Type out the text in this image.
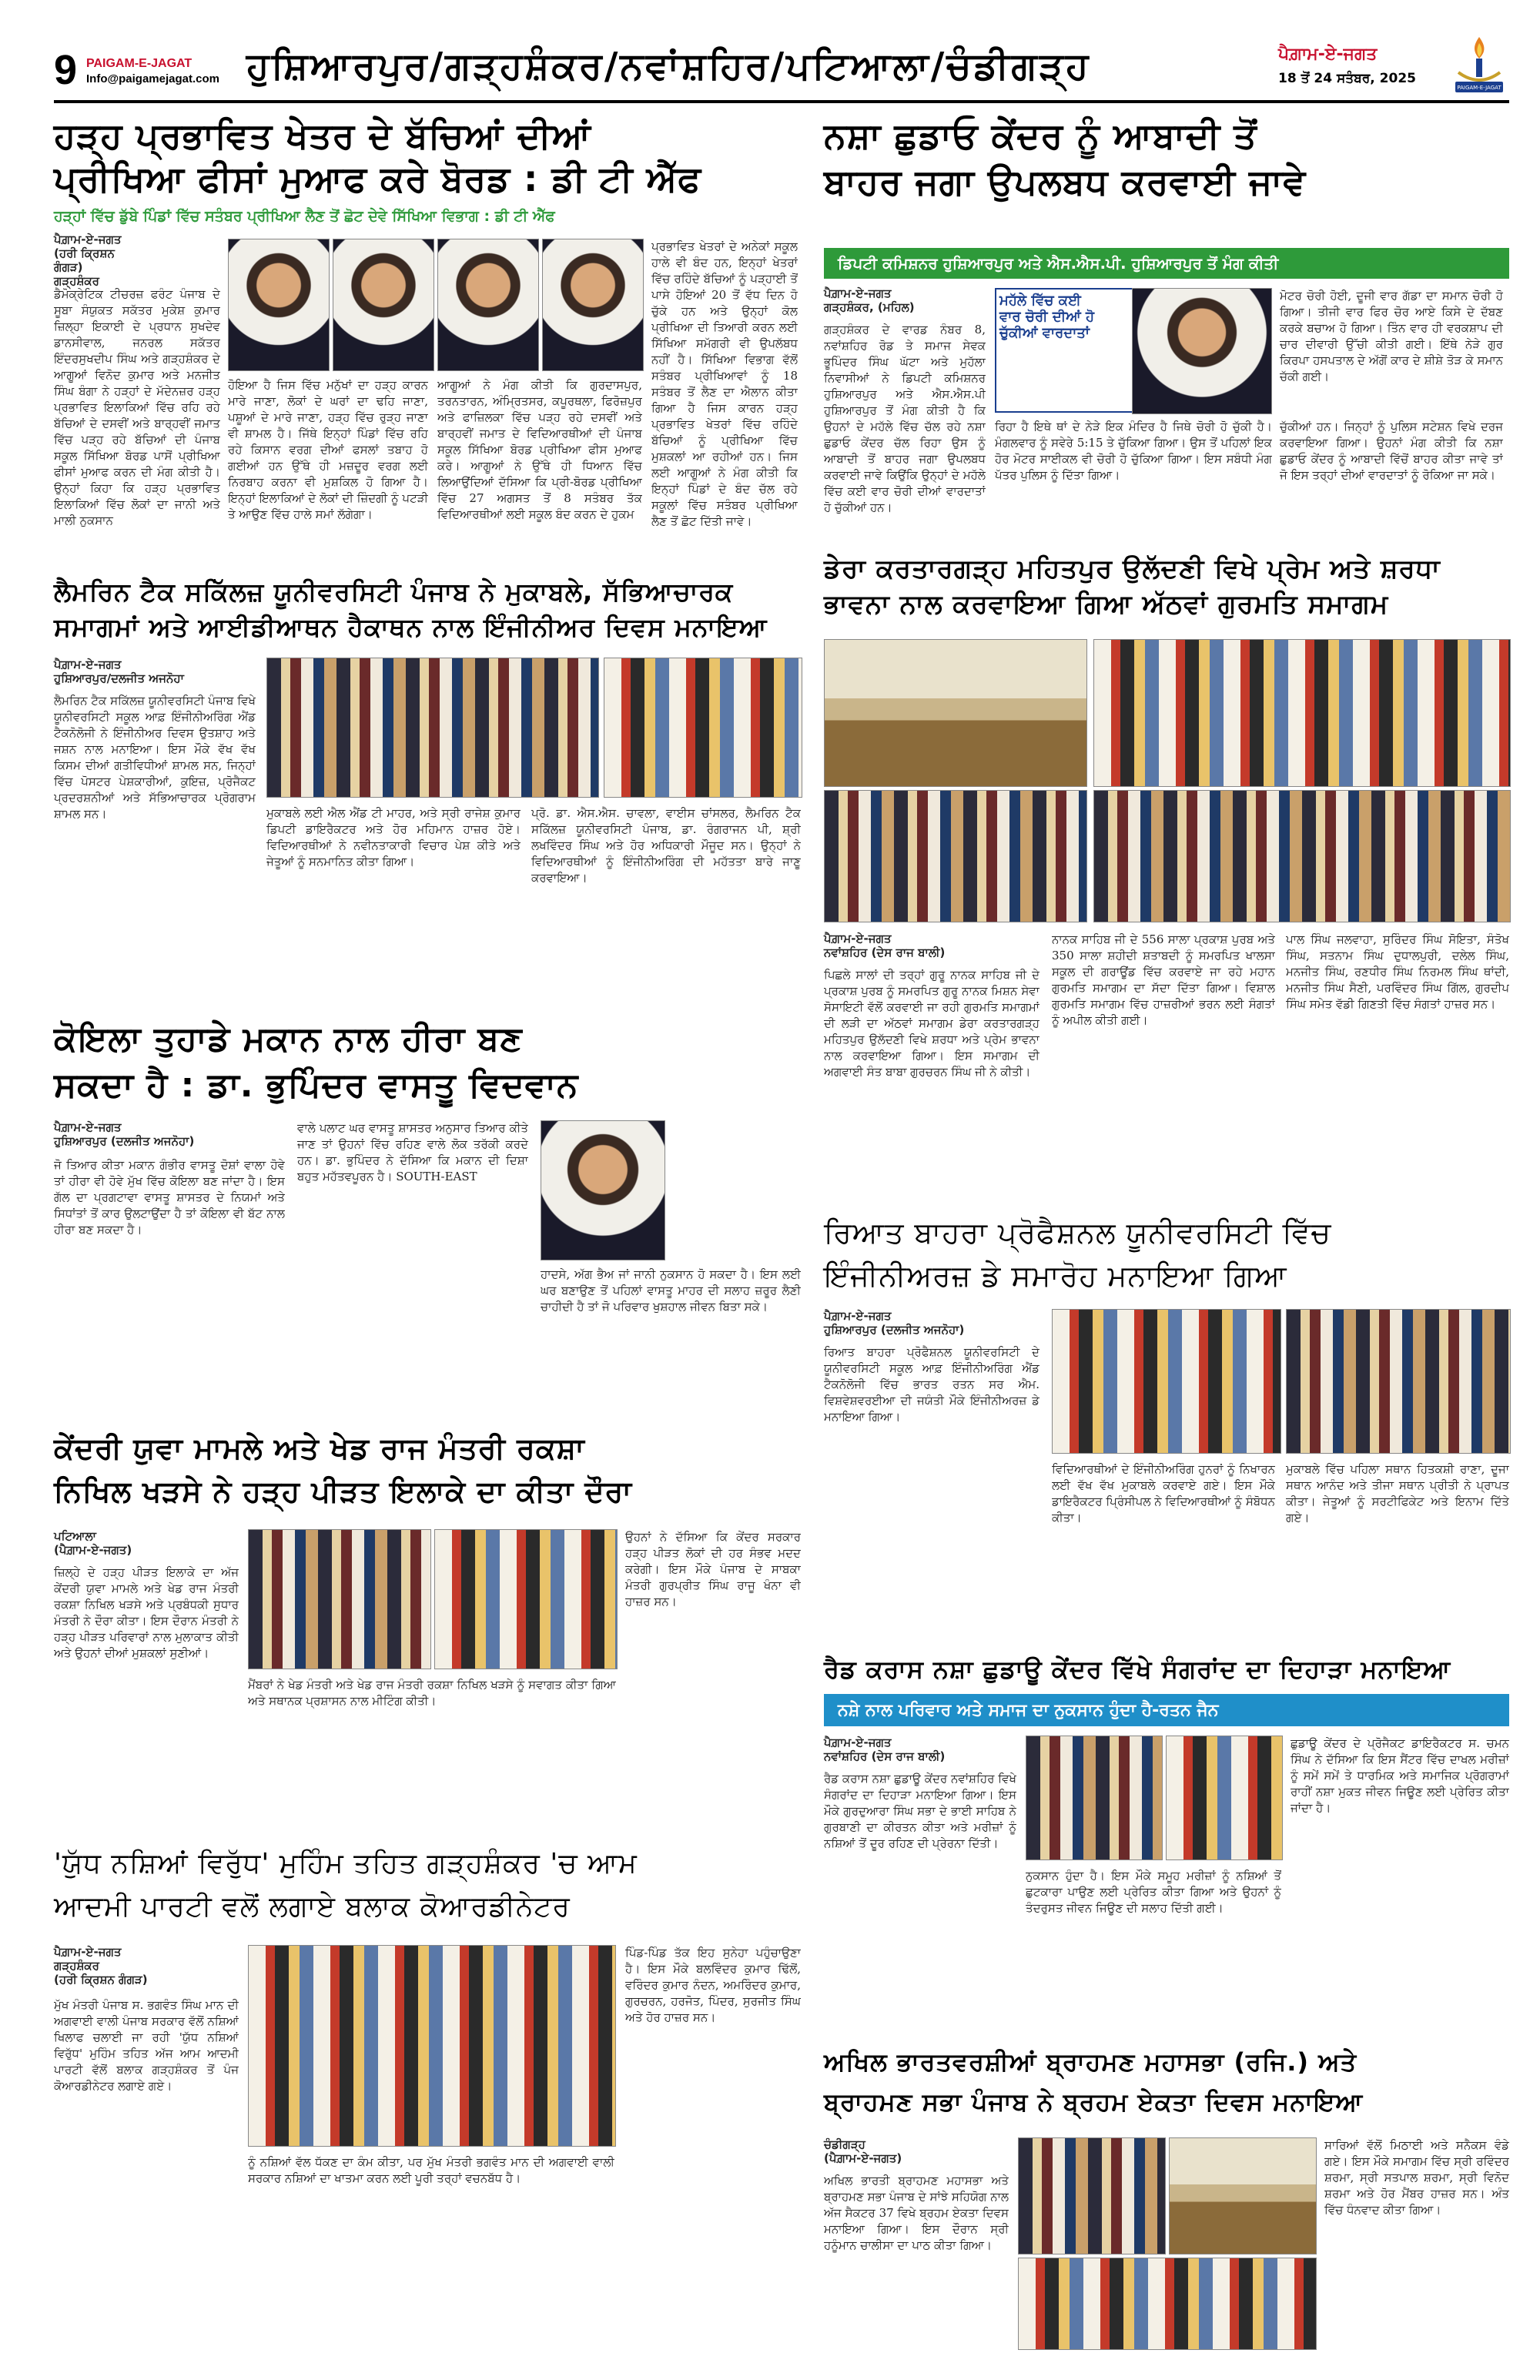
9 PAIGAM-E-JAGAT
Info@paigamejagat.com ਹੁਸ਼ਿਆਰਪੁਰ/ਗੜ੍ਹਸ਼ੰਕਰ/ਨਵਾਂਸ਼ਹਿਰ/ਪਟਿਆਲਾ/ਚੰਡੀਗੜ੍ਹ	ਪੈਗ਼ਾਮ-ਏ-ਜਗਤ
18 ਤੋਂ 24 ਸਤੰਬਰ, 2025
PAIGAM-E-JAGAT
ਹੜ੍ਹ ਪ੍ਰਭਾਵਿਤ ਖੇਤਰ ਦੇ ਬੱਚਿਆਂ ਦੀਆਂ
ਪ੍ਰੀਖਿਆ ਫੀਸਾਂ ਮੁਆਫ ਕਰੇ ਬੋਰਡ : ਡੀ ਟੀ ਐੱਫ
ਹੜ੍ਹਾਂ ਵਿੱਚ ਡੁੱਬੇ ਪਿੰਡਾਂ ਵਿੱਚ ਸਤੰਬਰ ਪ੍ਰੀਖਿਆ ਲੈਣ ਤੋਂ ਛੋਟ ਦੇਵੇ ਸਿੱਖਿਆ ਵਿਭਾਗ : ਡੀ ਟੀ ਐੱਫ
ਪੈਗ਼ਾਮ-ਏ-ਜਗਤ
(ਹਰੀ ਕ੍ਰਿਸ਼ਨ ਗੰਗੜ)
ਗੜ੍ਹਸ਼ੰਕਰ
ਡੈਮੋਕ੍ਰੇਟਿਕ ਟੀਚਰਜ਼ ਫਰੰਟ ਪੰਜਾਬ ਦੇ ਸੂਬਾ ਸੰਯੁਕਤ ਸਕੱਤਰ ਮੁਕੇਸ਼ ਕੁਮਾਰ ਜ਼ਿਲ੍ਹਾ ਇਕਾਈ ਦੇ ਪ੍ਰਧਾਨ ਸੁਖਦੇਵ ਡਾਨਸੀਵਾਲ, ਜਨਰਲ ਸਕੱਤਰ ਇੰਦਰਸੁਖਦੀਪ ਸਿੰਘ ਅਤੇ ਗੜ੍ਹਸ਼ੰਕਰ ਦੇ ਆਗੂਆਂ ਵਿਨੋਦ ਕੁਮਾਰ ਅਤੇ ਮਨਜੀਤ ਸਿੰਘ ਬੰਗਾ ਨੇ ਹੜ੍ਹਾਂ ਦੇ ਮੱਦੇਨਜ਼ਰ ਹੜ੍ਹ ਪ੍ਰਭਾਵਿਤ ਇਲਾਕਿਆਂ ਵਿੱਚ ਰਹਿ ਰਹੇ ਬੱਚਿਆਂ ਦੇ ਦਸਵੀਂ ਅਤੇ ਬਾਰ੍ਹਵੀਂ ਜਮਾਤ ਵਿੱਚ ਪੜ੍ਹ ਰਹੇ ਬੱਚਿਆਂ ਦੀ ਪੰਜਾਬ ਸਕੂਲ ਸਿੱਖਿਆ ਬੋਰਡ ਪਾਸੋਂ ਪ੍ਰੀਖਿਆ ਫੀਸਾਂ ਮੁਆਫ ਕਰਨ ਦੀ ਮੰਗ ਕੀਤੀ ਹੈ। ਉਨ੍ਹਾਂ ਕਿਹਾ ਕਿ ਹੜ੍ਹ ਪ੍ਰਭਾਵਿਤ ਇਲਾਕਿਆਂ ਵਿੱਚ ਲੋਕਾਂ ਦਾ ਜਾਨੀ ਅਤੇ ਮਾਲੀ ਨੁਕਸਾਨ
ਹੋਇਆ ਹੈ ਜਿਸ ਵਿੱਚ ਮਨੁੱਖਾਂ ਦਾ ਹੜ੍ਹ ਕਾਰਨ ਮਾਰੇ ਜਾਣਾ, ਲੋਕਾਂ ਦੇ ਘਰਾਂ ਦਾ ਢਹਿ ਜਾਣਾ, ਪਸ਼ੂਆਂ ਦੇ ਮਾਰੇ ਜਾਣਾ, ਹੜ੍ਹ ਵਿੱਚ ਰੁੜ੍ਹ ਜਾਣਾ ਵੀ ਸ਼ਾਮਲ ਹੈ। ਜਿੱਥੇ ਇਨ੍ਹਾਂ ਪਿੰਡਾਂ ਵਿੱਚ ਰਹਿ ਰਹੇ ਕਿਸਾਨ ਵਰਗ ਦੀਆਂ ਫਸਲਾਂ ਤਬਾਹ ਹੋ ਗਈਆਂ ਹਨ ਉੱਥੇ ਹੀ ਮਜ਼ਦੂਰ ਵਰਗ ਲਈ ਨਿਰਬਾਹ ਕਰਨਾ ਵੀ ਮੁਸ਼ਕਿਲ ਹੋ ਗਿਆ ਹੈ। ਇਨ੍ਹਾਂ ਇਲਾਕਿਆਂ ਦੇ ਲੋਕਾਂ ਦੀ ਜ਼ਿੰਦਗੀ ਨੂੰ ਪਟੜੀ ਤੇ ਆਉਣ ਵਿੱਚ ਹਾਲੇ ਸਮਾਂ ਲੱਗੇਗਾ।
ਆਗੂਆਂ ਨੇ ਮੰਗ ਕੀਤੀ ਕਿ ਗੁਰਦਾਸਪੁਰ, ਤਰਨਤਾਰਨ, ਅੰਮ੍ਰਿਤਸਰ, ਕਪੂਰਥਲਾ, ਫਿਰੋਜ਼ਪੁਰ ਅਤੇ ਫਾਜ਼ਿਲਕਾ ਵਿੱਚ ਪੜ੍ਹ ਰਹੇ ਦਸਵੀਂ ਅਤੇ ਬਾਰ੍ਹਵੀਂ ਜਮਾਤ ਦੇ ਵਿਦਿਆਰਥੀਆਂ ਦੀ ਪੰਜਾਬ ਸਕੂਲ ਸਿੱਖਿਆ ਬੋਰਡ ਪ੍ਰੀਖਿਆ ਫੀਸ ਮੁਆਫ ਕਰੇ। ਆਗੂਆਂ ਨੇ ਉੱਥੇ ਹੀ ਧਿਆਨ ਵਿੱਚ ਲਿਆਉਂਦਿਆਂ ਦੱਸਿਆ ਕਿ ਪ੍ਰੀ-ਬੋਰਡ ਪ੍ਰੀਖਿਆ ਵਿੱਚ 27 ਅਗਸਤ ਤੋਂ 8 ਸਤੰਬਰ ਤੱਕ ਵਿਦਿਆਰਥੀਆਂ ਲਈ ਸਕੂਲ ਬੰਦ ਕਰਨ ਦੇ ਹੁਕਮ
ਪ੍ਰਭਾਵਿਤ ਖੇਤਰਾਂ ਦੇ ਅਨੇਕਾਂ ਸਕੂਲ ਹਾਲੇ ਵੀ ਬੰਦ ਹਨ, ਇਨ੍ਹਾਂ ਖੇਤਰਾਂ ਵਿੱਚ ਰਹਿੰਦੇ ਬੱਚਿਆਂ ਨੂੰ ਪੜ੍ਹਾਈ ਤੋਂ ਪਾਸੇ ਹੋਇਆਂ 20 ਤੋਂ ਵੱਧ ਦਿਨ ਹੋ ਚੁੱਕੇ ਹਨ ਅਤੇ ਉਨ੍ਹਾਂ ਕੋਲ ਪ੍ਰੀਖਿਆ ਦੀ ਤਿਆਰੀ ਕਰਨ ਲਈ ਸਿੱਖਿਆ ਸਮੱਗਰੀ ਵੀ ਉਪਲੱਬਧ ਨਹੀਂ ਹੈ। ਸਿੱਖਿਆ ਵਿਭਾਗ ਵੱਲੋਂ ਸਤੰਬਰ ਪ੍ਰੀਖਿਆਵਾਂ ਨੂੰ 18 ਸਤੰਬਰ ਤੋਂ ਲੈਣ ਦਾ ਐਲਾਨ ਕੀਤਾ ਗਿਆ ਹੈ ਜਿਸ ਕਾਰਨ ਹੜ੍ਹ ਪ੍ਰਭਾਵਿਤ ਖੇਤਰਾਂ ਵਿੱਚ ਰਹਿੰਦੇ ਬੱਚਿਆਂ ਨੂੰ ਪ੍ਰੀਖਿਆ ਵਿੱਚ ਮੁਸ਼ਕਲਾਂ ਆ ਰਹੀਆਂ ਹਨ। ਜਿਸ ਲਈ ਆਗੂਆਂ ਨੇ ਮੰਗ ਕੀਤੀ ਕਿ ਇਨ੍ਹਾਂ ਪਿੰਡਾਂ ਦੇ ਬੰਦ ਚੱਲ ਰਹੇ ਸਕੂਲਾਂ ਵਿੱਚ ਸਤੰਬਰ ਪ੍ਰੀਖਿਆ ਲੈਣ ਤੋਂ ਛੋਟ ਦਿੱਤੀ ਜਾਵੇ।
ਨਸ਼ਾ ਛੁਡਾਓ ਕੇਂਦਰ ਨੂੰ ਆਬਾਦੀ ਤੋਂ
ਬਾਹਰ ਜਗਾ ਉਪਲਬਧ ਕਰਵਾਈ ਜਾਵੇ
ਡਿਪਟੀ ਕਮਿਸ਼ਨਰ ਹੁਸ਼ਿਆਰਪੁਰ ਅਤੇ ਐਸ.ਐਸ.ਪੀ. ਹੁਸ਼ਿਆਰਪੁਰ ਤੋਂ ਮੰਗ ਕੀਤੀ
ਪੈਗ਼ਾਮ-ਏ-ਜਗਤ
ਗੜ੍ਹਸ਼ੰਕਰ, (ਮਹਿਲ)
ਗੜ੍ਹਸ਼ੰਕਰ ਦੇ ਵਾਰਡ ਨੰਬਰ 8, ਨਵਾਂਸ਼ਹਿਰ ਰੋਡ ਤੇ ਸਮਾਜ ਸੇਵਕ ਭੂਪਿੰਦਰ ਸਿੰਘ ਘੱਟਾ ਅਤੇ ਮੁਹੱਲਾ ਨਿਵਾਸੀਆਂ ਨੇ ਡਿਪਟੀ ਕਮਿਸ਼ਨਰ ਹੁਸ਼ਿਆਰਪੁਰ ਅਤੇ ਐਸ.ਐਸ.ਪੀ ਹੁਸ਼ਿਆਰਪੁਰ ਤੋਂ ਮੰਗ ਕੀਤੀ ਹੈ ਕਿ ਉਹਨਾਂ ਦੇ ਮਹੱਲੇ ਵਿੱਚ ਚੱਲ ਰਹੇ ਨਸ਼ਾ ਛੁਡਾਓ ਕੇਂਦਰ ਚੱਲ ਰਿਹਾ ਉਸ ਨੂੰ ਆਬਾਦੀ ਤੋਂ ਬਾਹਰ ਜਗਾ ਉਪਲਬਧ ਕਰਵਾਈ ਜਾਵੇ ਕਿਉਂਕਿ ਉਨ੍ਹਾਂ ਦੇ ਮਹੱਲੇ ਵਿੱਚ ਕਈ ਵਾਰ ਚੋਰੀ ਦੀਆਂ ਵਾਰਦਾਤਾਂ ਹੋ ਚੁੱਕੀਆਂ ਹਨ।
ਮਹੱਲੇ ਵਿੱਚ ਕਈ
ਵਾਰ ਚੋਰੀ ਦੀਆਂ ਹੋ
ਚੁੱਕੀਆਂ ਵਾਰਦਾਤਾਂ
ਰਿਹਾ ਹੈ ਇਥੇ ਥਾਂ ਦੇ ਨੇੜੇ ਇਕ ਮੰਦਿਰ ਹੈ ਜਿਥੇ ਚੋਰੀ ਹੋ ਚੁੱਕੀ ਹੈ। ਮੰਗਲਵਾਰ ਨੂੰ ਸਵੇਰੇ 5:15 ਤੇ ਚੁੱਕਿਆ ਗਿਆ। ਉਸ ਤੋਂ ਪਹਿਲਾਂ ਇਕ ਹੋਰ ਮੋਟਰ ਸਾਈਕਲ ਵੀ ਚੋਰੀ ਹੋ ਚੁੱਕਿਆ ਗਿਆ। ਇਸ ਸਬੰਧੀ ਮੰਗ ਪੱਤਰ ਪੁਲਿਸ ਨੂੰ ਦਿੱਤਾ ਗਿਆ।
ਮੋਟਰ ਚੋਰੀ ਹੋਈ, ਦੂਜੀ ਵਾਰ ਗੱਡਾ ਦਾ ਸਮਾਨ ਚੋਰੀ ਹੋ ਗਿਆ। ਤੀਜੀ ਵਾਰ ਫਿਰ ਚੋਰ ਆਏ ਕਿਸੇ ਦੇ ਦੱਬਣ ਕਰਕੇ ਬਚਾਅ ਹੋ ਗਿਆ। ਤਿੰਨ ਵਾਰ ਹੀ ਵਰਕਸ਼ਾਪ ਦੀ ਚਾਰ ਦੀਵਾਰੀ ਉੱਚੀ ਕੀਤੀ ਗਈ। ਇੱਥੇ ਨੇੜੇ ਗੁਰ ਕਿਰਪਾ ਹਸਪਤਾਲ ਦੇ ਅੱਗੋਂ ਕਾਰ ਦੇ ਸ਼ੀਸ਼ੇ ਤੋੜ ਕੇ ਸਮਾਨ ਚੱਕੀ ਗਈ।
ਚੁੱਕੀਆਂ ਹਨ। ਜਿਨ੍ਹਾਂ ਨੂੰ ਪੁਲਿਸ ਸਟੇਸ਼ਨ ਵਿਖੇ ਦਰਜ ਕਰਵਾਇਆ ਗਿਆ। ਉਹਨਾਂ ਮੰਗ ਕੀਤੀ ਕਿ ਨਸ਼ਾ ਛੁਡਾਓ ਕੇਂਦਰ ਨੂੰ ਆਬਾਦੀ ਵਿੱਚੋਂ ਬਾਹਰ ਕੀਤਾ ਜਾਵੇ ਤਾਂ ਜੋ ਇਸ ਤਰ੍ਹਾਂ ਦੀਆਂ ਵਾਰਦਾਤਾਂ ਨੂੰ ਰੋਕਿਆ ਜਾ ਸਕੇ।
ਡੇਰਾ ਕਰਤਾਰਗੜ੍ਹ ਮਹਿਤਪੁਰ ਉਲੱਦਣੀ ਵਿਖੇ ਪ੍ਰੇਮ ਅਤੇ ਸ਼ਰਧਾ
ਭਾਵਨਾ ਨਾਲ ਕਰਵਾਇਆ ਗਿਆ ਅੱਠਵਾਂ ਗੁਰਮਤਿ ਸਮਾਗਮ
ਪੈਗ਼ਾਮ-ਏ-ਜਗਤ
ਨਵਾਂਸ਼ਹਿਰ (ਦੇਸ ਰਾਜ ਬਾਲੀ)
ਪਿਛਲੇ ਸਾਲਾਂ ਦੀ ਤਰ੍ਹਾਂ ਗੁਰੂ ਨਾਨਕ ਸਾਹਿਬ ਜੀ ਦੇ ਪ੍ਰਕਾਸ਼ ਪੁਰਬ ਨੂੰ ਸਮਰਪਿਤ ਗੁਰੂ ਨਾਨਕ ਮਿਸ਼ਨ ਸੇਵਾ ਸੋਸਾਇਟੀ ਵੱਲੋਂ ਕਰਵਾਈ ਜਾ ਰਹੀ ਗੁਰਮਤਿ ਸਮਾਗਮਾਂ ਦੀ ਲੜੀ ਦਾ ਅੱਠਵਾਂ ਸਮਾਗਮ ਡੇਰਾ ਕਰਤਾਰਗੜ੍ਹ ਮਹਿਤਪੁਰ ਉਲੱਦਣੀ ਵਿਖੇ ਸ਼ਰਧਾ ਅਤੇ ਪ੍ਰੇਮ ਭਾਵਨਾ ਨਾਲ ਕਰਵਾਇਆ ਗਿਆ। ਇਸ ਸਮਾਗਮ ਦੀ ਅਗਵਾਈ ਸੰਤ ਬਾਬਾ ਗੁਰਚਰਨ ਸਿੰਘ ਜੀ ਨੇ ਕੀਤੀ।
ਨਾਨਕ ਸਾਹਿਬ ਜੀ ਦੇ 556 ਸਾਲਾ ਪ੍ਰਕਾਸ਼ ਪੁਰਬ ਅਤੇ 350 ਸਾਲਾ ਸ਼ਹੀਦੀ ਸ਼ਤਾਬਦੀ ਨੂੰ ਸਮਰਪਿਤ ਖਾਲਸਾ ਸਕੂਲ ਦੀ ਗਰਾਊਂਡ ਵਿੱਚ ਕਰਵਾਏ ਜਾ ਰਹੇ ਮਹਾਨ ਗੁਰਮਤਿ ਸਮਾਗਮ ਦਾ ਸੱਦਾ ਦਿੱਤਾ ਗਿਆ। ਵਿਸ਼ਾਲ ਗੁਰਮਤਿ ਸਮਾਗਮ ਵਿੱਚ ਹਾਜ਼ਰੀਆਂ ਭਰਨ ਲਈ ਸੰਗਤਾਂ ਨੂੰ ਅਪੀਲ ਕੀਤੀ ਗਈ।
ਪਾਲ ਸਿੰਘ ਜਲਵਾਹਾ, ਸੁਰਿੰਦਰ ਸਿੰਘ ਸੋਇਤਾ, ਸੰਤੋਖ ਸਿੰਘ, ਸਤਨਾਮ ਸਿੰਘ ਦੁਧਾਲਪੁਰੀ, ਦਲੇਲ ਸਿੰਘ, ਮਨਜੀਤ ਸਿੰਘ, ਰਣਧੀਰ ਸਿੰਘ ਨਿਰਮਲ ਸਿੰਘ ਥਾਂਦੀ, ਮਨਜੀਤ ਸਿੰਘ ਸੈਣੀ, ਪਰਵਿੰਦਰ ਸਿੰਘ ਗਿੱਲ, ਗੁਰਦੀਪ ਸਿੰਘ ਸਮੇਤ ਵੱਡੀ ਗਿਣਤੀ ਵਿੱਚ ਸੰਗਤਾਂ ਹਾਜ਼ਰ ਸਨ।
ਲੈਮਰਿਨ ਟੈਕ ਸਕਿੱਲਜ਼ ਯੂਨੀਵਰਸਿਟੀ ਪੰਜਾਬ ਨੇ ਮੁਕਾਬਲੇ, ਸੱਭਿਆਚਾਰਕ
ਸਮਾਗਮਾਂ ਅਤੇ ਆਈਡੀਆਥਨ ਹੈਕਾਥਨ ਨਾਲ ਇੰਜੀਨੀਅਰ ਦਿਵਸ ਮਨਾਇਆ
ਪੈਗ਼ਾਮ-ਏ-ਜਗਤ
ਹੁਸ਼ਿਆਰਪੁਰ/ਦਲਜੀਤ ਅਜਨੋਹਾ
ਲੈਮਰਿਨ ਟੈਕ ਸਕਿੱਲਜ਼ ਯੂਨੀਵਰਸਿਟੀ ਪੰਜਾਬ ਵਿਖੇ ਯੂਨੀਵਰਸਿਟੀ ਸਕੂਲ ਆਫ਼ ਇੰਜੀਨੀਅਰਿੰਗ ਐਂਡ ਟੈਕਨੋਲੋਜੀ ਨੇ ਇੰਜੀਨੀਅਰ ਦਿਵਸ ਉਤਸ਼ਾਹ ਅਤੇ ਜਸ਼ਨ ਨਾਲ ਮਨਾਇਆ। ਇਸ ਮੌਕੇ ਵੱਖ ਵੱਖ ਕਿਸਮ ਦੀਆਂ ਗਤੀਵਿਧੀਆਂ ਸ਼ਾਮਲ ਸਨ, ਜਿਨ੍ਹਾਂ ਵਿੱਚ ਪੋਸਟਰ ਪੇਸ਼ਕਾਰੀਆਂ, ਕੁਇਜ਼, ਪ੍ਰੋਜੈਕਟ ਪ੍ਰਦਰਸ਼ਨੀਆਂ ਅਤੇ ਸੱਭਿਆਚਾਰਕ ਪ੍ਰੋਗਰਾਮ ਸ਼ਾਮਲ ਸਨ।	ਮੁਕਾਬਲੇ ਲਈ ਐਲ ਐਂਡ ਟੀ ਮਾਹਰ, ਅਤੇ ਸ੍ਰੀ ਰਾਜੇਸ਼ ਕੁਮਾਰ ਡਿਪਟੀ ਡਾਇਰੈਕਟਰ ਅਤੇ ਹੋਰ ਮਹਿਮਾਨ ਹਾਜ਼ਰ ਹੋਏ। ਵਿਦਿਆਰਥੀਆਂ ਨੇ ਨਵੀਨਤਾਕਾਰੀ ਵਿਚਾਰ ਪੇਸ਼ ਕੀਤੇ ਅਤੇ ਜੇਤੂਆਂ ਨੂੰ ਸਨਮਾਨਿਤ ਕੀਤਾ ਗਿਆ।
ਪ੍ਰੋ. ਡਾ. ਐਸ.ਐਸ. ਚਾਵਲਾ, ਵਾਈਸ ਚਾਂਸਲਰ, ਲੈਮਰਿਨ ਟੈਕ ਸਕਿੱਲਜ਼ ਯੂਨੀਵਰਸਿਟੀ ਪੰਜਾਬ, ਡਾ. ਰੰਗਰਾਜਨ ਪੀ, ਸ਼੍ਰੀ ਲਖਵਿੰਦਰ ਸਿੰਘ ਅਤੇ ਹੋਰ ਅਧਿਕਾਰੀ ਮੌਜੂਦ ਸਨ। ਉਨ੍ਹਾਂ ਨੇ ਵਿਦਿਆਰਥੀਆਂ ਨੂੰ ਇੰਜੀਨੀਅਰਿੰਗ ਦੀ ਮਹੱਤਤਾ ਬਾਰੇ ਜਾਣੂ ਕਰਵਾਇਆ।
ਕੋਇਲਾ ਤੁਹਾਡੇ ਮਕਾਨ ਨਾਲ ਹੀਰਾ ਬਣ
ਸਕਦਾ ਹੈ : ਡਾ. ਭੁਪਿੰਦਰ ਵਾਸਤੂ ਵਿਦਵਾਨ
ਪੈਗ਼ਾਮ-ਏ-ਜਗਤ
ਹੁਸ਼ਿਆਰਪੁਰ (ਦਲਜੀਤ ਅਜਨੋਹਾ)
ਜੋ ਤਿਆਰ ਕੀਤਾ ਮਕਾਨ ਗੰਭੀਰ ਵਾਸਤੂ ਦੋਸ਼ਾਂ ਵਾਲਾ ਹੋਵੇ ਤਾਂ ਹੀਰਾ ਵੀ ਹੋਵੇ ਮੁੱਖ ਵਿੱਚ ਕੋਇਲਾ ਬਣ ਜਾਂਦਾ ਹੈ। ਇਸ ਗੱਲ ਦਾ ਪ੍ਰਗਟਾਵਾ ਵਾਸਤੂ ਸ਼ਾਸਤਰ ਦੇ ਨਿਯਮਾਂ ਅਤੇ ਸਿਧਾਂਤਾਂ ਤੋਂ ਕਾਰ ਉਲਟਾਉਂਦਾ ਹੈ ਤਾਂ ਕੋਇਲਾ ਵੀ ਬੱਟ ਨਾਲ ਹੀਰਾ ਬਣ ਸਕਦਾ ਹੈ।
ਵਾਲੇ ਪਲਾਟ ਘਰ ਵਾਸਤੂ ਸ਼ਾਸਤਰ ਅਨੁਸਾਰ ਤਿਆਰ ਕੀਤੇ ਜਾਣ ਤਾਂ ਉਹਨਾਂ ਵਿੱਚ ਰਹਿਣ ਵਾਲੇ ਲੋਕ ਤਰੱਕੀ ਕਰਦੇ ਹਨ। ਡਾ. ਭੁਪਿੰਦਰ ਨੇ ਦੱਸਿਆ ਕਿ ਮਕਾਨ ਦੀ ਦਿਸ਼ਾ ਬਹੁਤ ਮਹੱਤਵਪੂਰਨ ਹੈ। SOUTH-EAST
ਹਾਦਸੇ, ਅੱਗ ਭੈਅ ਜਾਂ ਜਾਨੀ ਨੁਕਸਾਨ ਹੋ ਸਕਦਾ ਹੈ। ਇਸ ਲਈ ਘਰ ਬਣਾਉਣ ਤੋਂ ਪਹਿਲਾਂ ਵਾਸਤੂ ਮਾਹਰ ਦੀ ਸਲਾਹ ਜ਼ਰੂਰ ਲੈਣੀ ਚਾਹੀਦੀ ਹੈ ਤਾਂ ਜੋ ਪਰਿਵਾਰ ਖੁਸ਼ਹਾਲ ਜੀਵਨ ਬਿਤਾ ਸਕੇ।
ਕੇਂਦਰੀ ਯੁਵਾ ਮਾਮਲੇ ਅਤੇ ਖੇਡ ਰਾਜ ਮੰਤਰੀ ਰਕਸ਼ਾ
ਨਿਖਿਲ ਖੜਸੇ ਨੇ ਹੜ੍ਹ ਪੀੜਤ ਇਲਾਕੇ ਦਾ ਕੀਤਾ ਦੌਰਾ
ਪਟਿਆਲਾ
(ਪੈਗ਼ਾਮ-ਏ-ਜਗਤ)
ਜ਼ਿਲ੍ਹੇ ਦੇ ਹੜ੍ਹ ਪੀੜਤ ਇਲਾਕੇ ਦਾ ਅੱਜ ਕੇਂਦਰੀ ਯੁਵਾ ਮਾਮਲੇ ਅਤੇ ਖੇਡ ਰਾਜ ਮੰਤਰੀ ਰਕਸ਼ਾ ਨਿਖਿਲ ਖੜਸੇ ਅਤੇ ਪ੍ਰਬੰਧਕੀ ਸੁਧਾਰ ਮੰਤਰੀ ਨੇ ਦੌਰਾ ਕੀਤਾ। ਇਸ ਦੌਰਾਨ ਮੰਤਰੀ ਨੇ ਹੜ੍ਹ ਪੀੜਤ ਪਰਿਵਾਰਾਂ ਨਾਲ ਮੁਲਾਕਾਤ ਕੀਤੀ ਅਤੇ ਉਹਨਾਂ ਦੀਆਂ ਮੁਸ਼ਕਲਾਂ ਸੁਣੀਆਂ।
ਮੈਂਬਰਾਂ ਨੇ ਖੇਡ ਮੰਤਰੀ ਅਤੇ ਖੇਡ ਰਾਜ ਮੰਤਰੀ ਰਕਸ਼ਾ ਨਿਖਿਲ ਖੜਸੇ ਨੂੰ ਸਵਾਗਤ ਕੀਤਾ ਗਿਆ ਅਤੇ ਸਥਾਨਕ ਪ੍ਰਸ਼ਾਸਨ ਨਾਲ ਮੀਟਿੰਗ ਕੀਤੀ।
ਉਹਨਾਂ ਨੇ ਦੱਸਿਆ ਕਿ ਕੇਂਦਰ ਸਰਕਾਰ ਹੜ੍ਹ ਪੀੜਤ ਲੋਕਾਂ ਦੀ ਹਰ ਸੰਭਵ ਮਦਦ ਕਰੇਗੀ। ਇਸ ਮੌਕੇ ਪੰਜਾਬ ਦੇ ਸਾਬਕਾ ਮੰਤਰੀ ਗੁਰਪ੍ਰੀਤ ਸਿੰਘ ਰਾਜੂ ਖੰਨਾ ਵੀ ਹਾਜ਼ਰ ਸਨ।
ਰਿਆਤ ਬਾਹਰਾ ਪ੍ਰੋਫੈਸ਼ਨਲ ਯੂਨੀਵਰਸਿਟੀ ਵਿੱਚ
ਇੰਜੀਨੀਅਰਜ਼ ਡੇ ਸਮਾਰੋਹ ਮਨਾਇਆ ਗਿਆ
ਪੈਗ਼ਾਮ-ਏ-ਜਗਤ
ਹੁਸ਼ਿਆਰਪੁਰ (ਦਲਜੀਤ ਅਜਨੋਹਾ)
ਰਿਆਤ ਬਾਹਰਾ ਪ੍ਰੋਫੈਸ਼ਨਲ ਯੂਨੀਵਰਸਿਟੀ ਦੇ ਯੂਨੀਵਰਸਿਟੀ ਸਕੂਲ ਆਫ਼ ਇੰਜੀਨੀਅਰਿੰਗ ਐਂਡ ਟੈਕਨੋਲੋਜੀ ਵਿੱਚ ਭਾਰਤ ਰਤਨ ਸਰ ਐਮ. ਵਿਸ਼ਵੇਸ਼ਵਰਈਆ ਦੀ ਜਯੰਤੀ ਮੌਕੇ ਇੰਜੀਨੀਅਰਜ਼ ਡੇ ਮਨਾਇਆ ਗਿਆ।
ਵਿਦਿਆਰਥੀਆਂ ਦੇ ਇੰਜੀਨੀਅਰਿੰਗ ਹੁਨਰਾਂ ਨੂੰ ਨਿਖਾਰਨ ਲਈ ਵੱਖ ਵੱਖ ਮੁਕਾਬਲੇ ਕਰਵਾਏ ਗਏ। ਇਸ ਮੌਕੇ ਡਾਇਰੈਕਟਰ ਪ੍ਰਿੰਸੀਪਲ ਨੇ ਵਿਦਿਆਰਥੀਆਂ ਨੂੰ ਸੰਬੋਧਨ ਕੀਤਾ।
ਮੁਕਾਬਲੇ ਵਿੱਚ ਪਹਿਲਾ ਸਥਾਨ ਹਿਤਕਸ਼ੀ ਰਾਣਾ, ਦੂਜਾ ਸਥਾਨ ਆਨੰਦ ਅਤੇ ਤੀਜਾ ਸਥਾਨ ਪ੍ਰੀਤੀ ਨੇ ਪ੍ਰਾਪਤ ਕੀਤਾ। ਜੇਤੂਆਂ ਨੂੰ ਸਰਟੀਫਿਕੇਟ ਅਤੇ ਇਨਾਮ ਦਿੱਤੇ ਗਏ।
ਰੈਡ ਕਰਾਸ ਨਸ਼ਾ ਛੁਡਾਊ ਕੇਂਦਰ ਵਿੱਖੇ ਸੰਗਰਾਂਦ ਦਾ ਦਿਹਾੜਾ ਮਨਾਇਆ
ਨਸ਼ੇ ਨਾਲ ਪਰਿਵਾਰ ਅਤੇ ਸਮਾਜ ਦਾ ਨੁਕਸਾਨ ਹੁੰਦਾ ਹੈ-ਰਤਨ ਜੈਨ
ਪੈਗ਼ਾਮ-ਏ-ਜਗਤ
ਨਵਾਂਸ਼ਹਿਰ (ਦੇਸ ਰਾਜ ਬਾਲੀ)
ਰੈਡ ਕਰਾਸ ਨਸ਼ਾ ਛੁਡਾਊ ਕੇਂਦਰ ਨਵਾਂਸ਼ਹਿਰ ਵਿਖੇ ਸੰਗਰਾਂਦ ਦਾ ਦਿਹਾੜਾ ਮਨਾਇਆ ਗਿਆ। ਇਸ ਮੌਕੇ ਗੁਰਦੁਆਰਾ ਸਿੰਘ ਸਭਾ ਦੇ ਭਾਈ ਸਾਹਿਬ ਨੇ ਗੁਰਬਾਣੀ ਦਾ ਕੀਰਤਨ ਕੀਤਾ ਅਤੇ ਮਰੀਜ਼ਾਂ ਨੂੰ ਨਸ਼ਿਆਂ ਤੋਂ ਦੂਰ ਰਹਿਣ ਦੀ ਪ੍ਰੇਰਨਾ ਦਿੱਤੀ।
ਨੁਕਸਾਨ ਹੁੰਦਾ ਹੈ। ਇਸ ਮੌਕੇ ਸਮੂਹ ਮਰੀਜ਼ਾਂ ਨੂੰ ਨਸ਼ਿਆਂ ਤੋਂ ਛੁਟਕਾਰਾ ਪਾਉਣ ਲਈ ਪ੍ਰੇਰਿਤ ਕੀਤਾ ਗਿਆ ਅਤੇ ਉਹਨਾਂ ਨੂੰ ਤੰਦਰੁਸਤ ਜੀਵਨ ਜਿਊਣ ਦੀ ਸਲਾਹ ਦਿੱਤੀ ਗਈ।
ਛੁਡਾਊ ਕੇਂਦਰ ਦੇ ਪ੍ਰੋਜੈਕਟ ਡਾਇਰੈਕਟਰ ਸ. ਚਮਨ ਸਿੰਘ ਨੇ ਦੱਸਿਆ ਕਿ ਇਸ ਸੈਂਟਰ ਵਿੱਚ ਦਾਖਲ ਮਰੀਜ਼ਾਂ ਨੂੰ ਸਮੇਂ ਸਮੇਂ ਤੇ ਧਾਰਮਿਕ ਅਤੇ ਸਮਾਜਿਕ ਪ੍ਰੋਗਰਾਮਾਂ ਰਾਹੀਂ ਨਸ਼ਾ ਮੁਕਤ ਜੀਵਨ ਜਿਊਣ ਲਈ ਪ੍ਰੇਰਿਤ ਕੀਤਾ ਜਾਂਦਾ ਹੈ।
'ਯੁੱਧ ਨਸ਼ਿਆਂ ਵਿਰੁੱਧ' ਮੁਹਿੰਮ ਤਹਿਤ ਗੜ੍ਹਸ਼ੰਕਰ 'ਚ ਆਮ
ਆਦਮੀ ਪਾਰਟੀ ਵਲੋਂ ਲਗਾਏ ਬਲਾਕ ਕੋਆਰਡੀਨੇਟਰ
ਪੈਗ਼ਾਮ-ਏ-ਜਗਤ
ਗੜ੍ਹਸ਼ੰਕਰ
(ਹਰੀ ਕ੍ਰਿਸ਼ਨ ਗੰਗੜ)
ਮੁੱਖ ਮੰਤਰੀ ਪੰਜਾਬ ਸ. ਭਗਵੰਤ ਸਿੰਘ ਮਾਨ ਦੀ ਅਗਵਾਈ ਵਾਲੀ ਪੰਜਾਬ ਸਰਕਾਰ ਵੱਲੋਂ ਨਸ਼ਿਆਂ ਖਿਲਾਫ ਚਲਾਈ ਜਾ ਰਹੀ 'ਯੁੱਧ ਨਸ਼ਿਆਂ ਵਿਰੁੱਧ' ਮੁਹਿੰਮ ਤਹਿਤ ਅੱਜ ਆਮ ਆਦਮੀ ਪਾਰਟੀ ਵੱਲੋਂ ਬਲਾਕ ਗੜ੍ਹਸ਼ੰਕਰ ਤੋਂ ਪੰਜ ਕੋਆਰਡੀਨੇਟਰ ਲਗਾਏ ਗਏ।
ਨੂੰ ਨਸ਼ਿਆਂ ਵੱਲ ਧੱਕਣ ਦਾ ਕੰਮ ਕੀਤਾ, ਪਰ ਮੁੱਖ ਮੰਤਰੀ ਭਗਵੰਤ ਮਾਨ ਦੀ ਅਗਵਾਈ ਵਾਲੀ ਸਰਕਾਰ ਨਸ਼ਿਆਂ ਦਾ ਖਾਤਮਾ ਕਰਨ ਲਈ ਪੂਰੀ ਤਰ੍ਹਾਂ ਵਚਨਬੱਧ ਹੈ।
ਪਿੰਡ-ਪਿੰਡ ਤੱਕ ਇਹ ਸੁਨੇਹਾ ਪਹੁੰਚਾਉਣਾ ਹੈ। ਇਸ ਮੌਕੇ ਬਲਵਿੰਦਰ ਕੁਮਾਰ ਢਿੱਲੋਂ, ਵਰਿੰਦਰ ਕੁਮਾਰ ਨੰਦਨ, ਅਮਰਿੰਦਰ ਕੁਮਾਰ, ਗੁਰਚਰਨ, ਹਰਜੋਤ, ਪਿੰਦਰ, ਸੁਰਜੀਤ ਸਿੰਘ ਅਤੇ ਹੋਰ ਹਾਜ਼ਰ ਸਨ।
ਅਖਿਲ ਭਾਰਤਵਰਸ਼ੀਆਂ ਬ੍ਰਾਹਮਣ ਮਹਾਸਭਾ (ਰਜਿ.) ਅਤੇ
ਬ੍ਰਾਹਮਣ ਸਭਾ ਪੰਜਾਬ ਨੇ ਬ੍ਰਹਮ ਏਕਤਾ ਦਿਵਸ ਮਨਾਇਆ
ਚੰਡੀਗੜ੍ਹ
(ਪੈਗ਼ਾਮ-ਏ-ਜਗਤ)
ਅਖਿਲ ਭਾਰਤੀ ਬ੍ਰਾਹਮਣ ਮਹਾਸਭਾ ਅਤੇ ਬ੍ਰਾਹਮਣ ਸਭਾ ਪੰਜਾਬ ਦੇ ਸਾਂਝੇ ਸਹਿਯੋਗ ਨਾਲ ਅੱਜ ਸੈਕਟਰ 37 ਵਿਖੇ ਬ੍ਰਹਮ ਏਕਤਾ ਦਿਵਸ ਮਨਾਇਆ ਗਿਆ। ਇਸ ਦੌਰਾਨ ਸ੍ਰੀ ਹਨੂੰਮਾਨ ਚਾਲੀਸਾ ਦਾ ਪਾਠ ਕੀਤਾ ਗਿਆ।
ਸਾਰਿਆਂ ਵੱਲੋਂ ਮਿਠਾਈ ਅਤੇ ਸਨੈਕਸ ਵੰਡੇ ਗਏ। ਇਸ ਮੌਕੇ ਸਮਾਗਮ ਵਿੱਚ ਸ੍ਰੀ ਰਵਿੰਦਰ ਸ਼ਰਮਾ, ਸ੍ਰੀ ਸਤਪਾਲ ਸ਼ਰਮਾ, ਸ੍ਰੀ ਵਿਨੋਦ ਸ਼ਰਮਾ ਅਤੇ ਹੋਰ ਮੈਂਬਰ ਹਾਜ਼ਰ ਸਨ। ਅੰਤ ਵਿੱਚ ਧੰਨਵਾਦ ਕੀਤਾ ਗਿਆ।
